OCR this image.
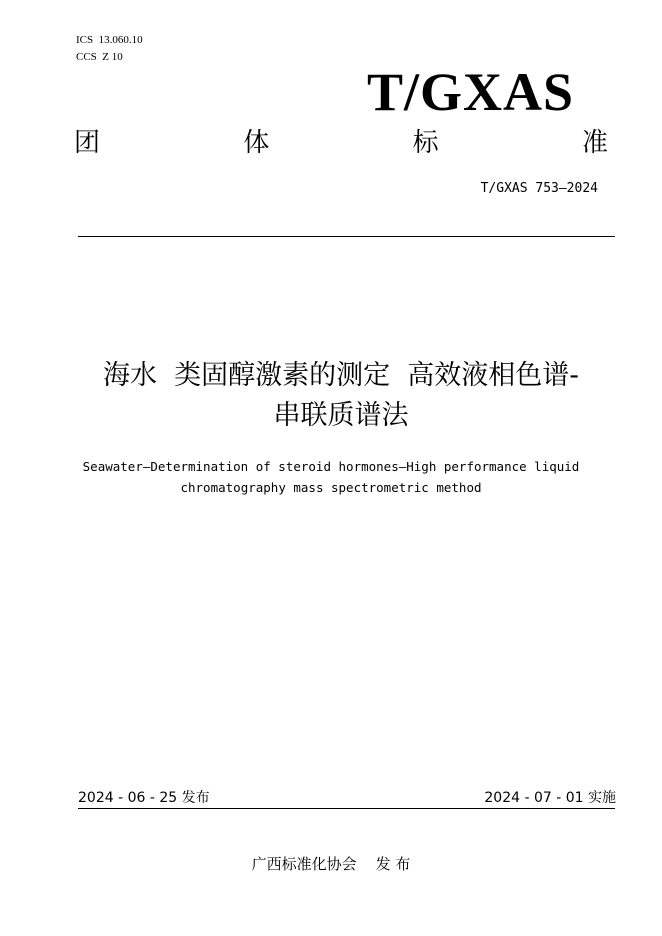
ICS  13.060.10
CCS  Z 10
T/GXAS
团	体	标	准
T/GXAS 753—2024
海水  类固醇激素的测定  高效液相色谱-
串联质谱法
Seawater—Determination of steroid hormones—High performance liquid
chromatography mass spectrometric method
2024 - 06 - 25 发布	2024 - 07 - 01 实施
广西标准化协会    发 布
